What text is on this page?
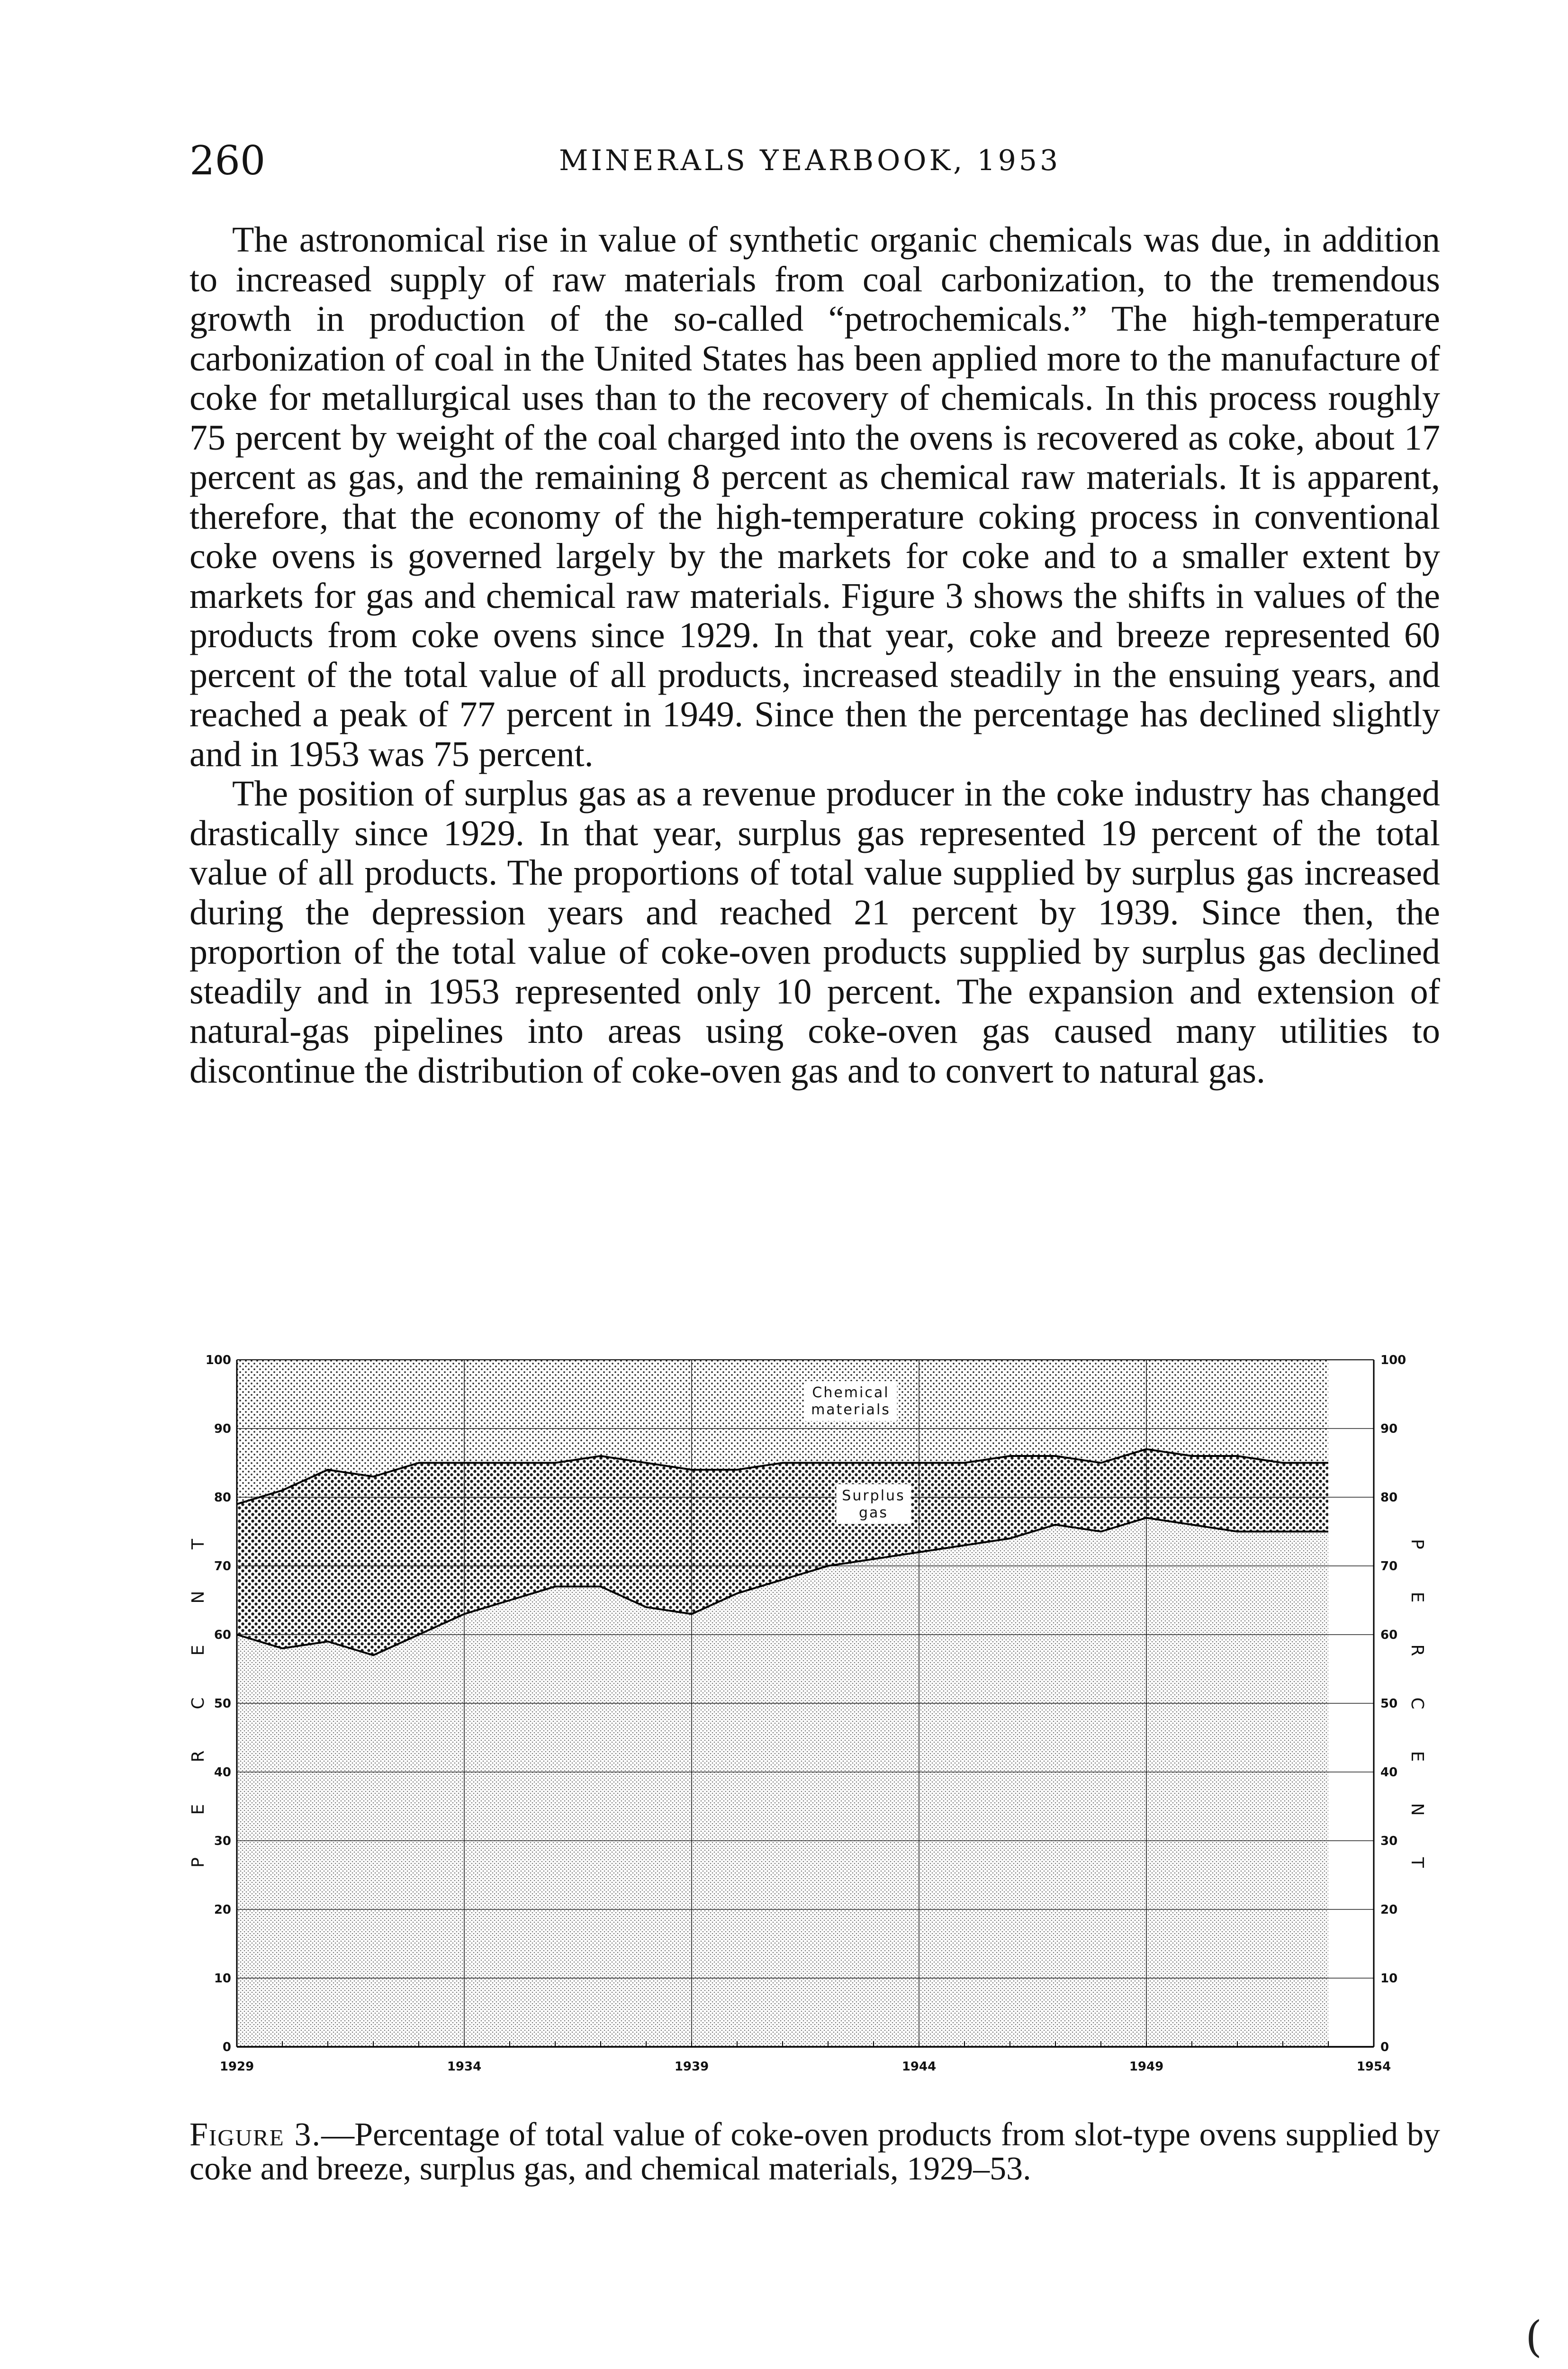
260	MINERALS YEARBOOK, 1953

The astronomical rise in value of synthetic organic chemicals was due, in addition to increased supply of raw materials from coal carbonization, to the tremendous growth in production of the so-called “petrochemicals.” The high-temperature carbonization of coal in the United States has been applied more to the manufacture of coke for metallurgical uses than to the recovery of chemicals. In this process roughly 75 percent by weight of the coal charged into the ovens is recovered as coke, about 17 percent as gas, and the remaining 8 percent as chemical raw materials. It is apparent, therefore, that the economy of the high-temperature coking process in conventional coke ovens is governed largely by the markets for coke and to a smaller extent by markets for gas and chemical raw materials. Figure 3 shows the shifts in values of the products from coke ovens since 1929. In that year, coke and breeze represented 60 percent of the total value of all products, increased steadily in the ensuing years, and reached a peak of 77 percent in 1949. Since then the percentage has declined slightly and in 1953 was 75 percent.

The position of surplus gas as a revenue producer in the coke industry has changed drastically since 1929. In that year, surplus gas represented 19 percent of the total value of all products. The proportions of total value supplied by surplus gas increased during the depression years and reached 21 percent by 1939. Since then, the proportion of the total value of coke-oven products supplied by surplus gas declined steadily and in 1953 represented only 10 percent. The expansion and extension of natural-gas pipelines into areas using coke-oven gas caused many utilities to discontinue the distribution of coke-oven gas and to convert to natural gas.

1929	1934	1939	1944	1949	1954
0	0
10	10
20	20
30	30
40	40
50	50
60	60
70	70
80	80
90	90
100	100
P
E
R
C
E
N
T	P
E
R
C
E
N
T
Surplus
gas
Chemical
materials
Figure 3.—Percentage of total value of coke-oven products from slot-type ovens supplied by coke and breeze, surplus gas, and chemical materials, 1929–53.
(
